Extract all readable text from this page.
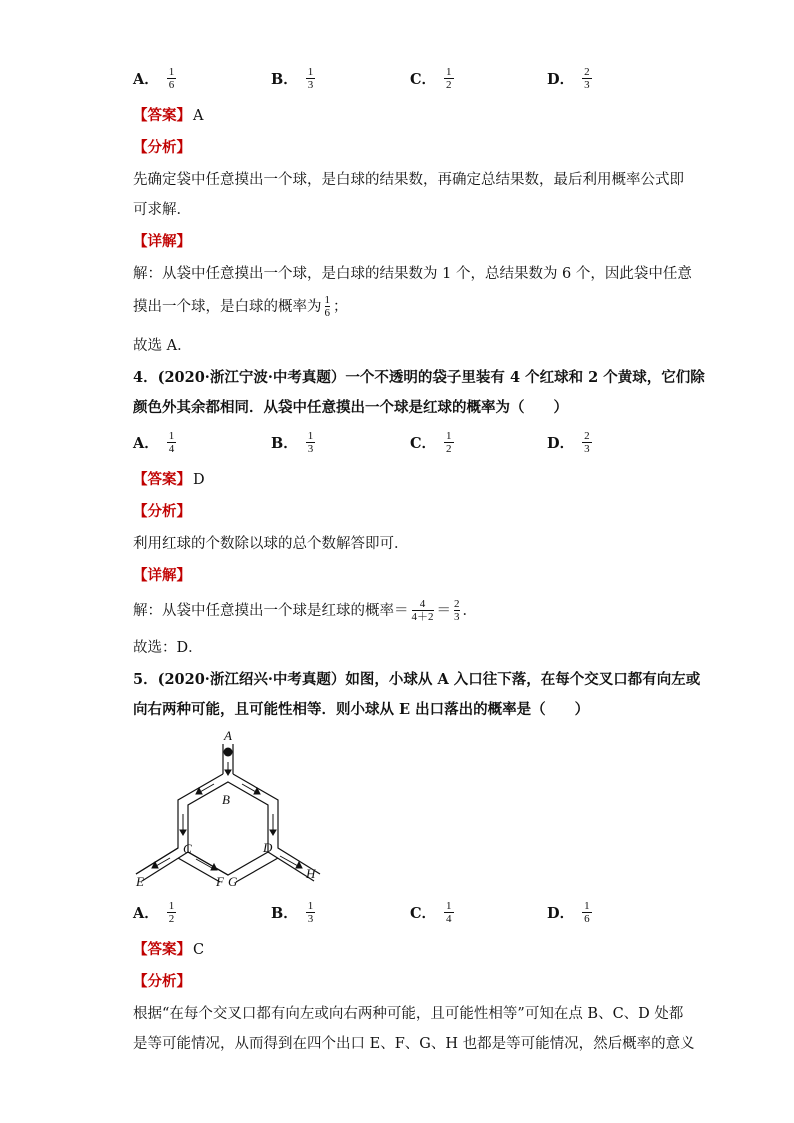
A． $\frac{1}{6}$	B． $\frac{1}{3}$	C． $\frac{1}{2}$	D． $\frac{2}{3}$
【答案】 A
【分析】
先确定袋中任意摸出一个球，是白球的结果数，再确定总结果数，最后利用概率公式即
可求解．
【详解】
解：从袋中任意摸出一个球，是白球的结果数为 1 个，总结果数为 6 个，因此袋中任意
摸出一个球，是白球的概率为 $\frac{1}{6}$ ；
故选 A．
4．(2020·浙江宁波·中考真题）一个不透明的袋子里装有 4 个红球和 2 个黄球，它们除
颜色外其余都相同．从袋中任意摸出一个球是红球的概率为（　　）
A． $\frac{1}{4}$	B． $\frac{1}{3}$	C． $\frac{1}{2}$	D． $\frac{2}{3}$
【答案】 D
【分析】
利用红球的个数除以球的总个数解答即可．
【详解】
解：从袋中任意摸出一个球是红球的概率＝ $\frac{4}{4+2} = \frac{2}{3}$ ．
故选：D．
5．(2020·浙江绍兴·中考真题）如图，小球从 A 入口往下落，在每个交叉口都有向左或
向右两种可能，且可能性相等．则小球从 E 出口落出的概率是（　　）
A
B
C	D
E	F G
H
A． $\frac{1}{2}$	B． $\frac{1}{3}$	C． $\frac{1}{4}$	D． $\frac{1}{6}$
【答案】 C
【分析】
根据“在每个交叉口都有向左或向右两种可能，且可能性相等”可知在点 B、C、D 处都
是等可能情况，从而得到在四个出口 E、F、G、H 也都是等可能情况，然后概率的意义
